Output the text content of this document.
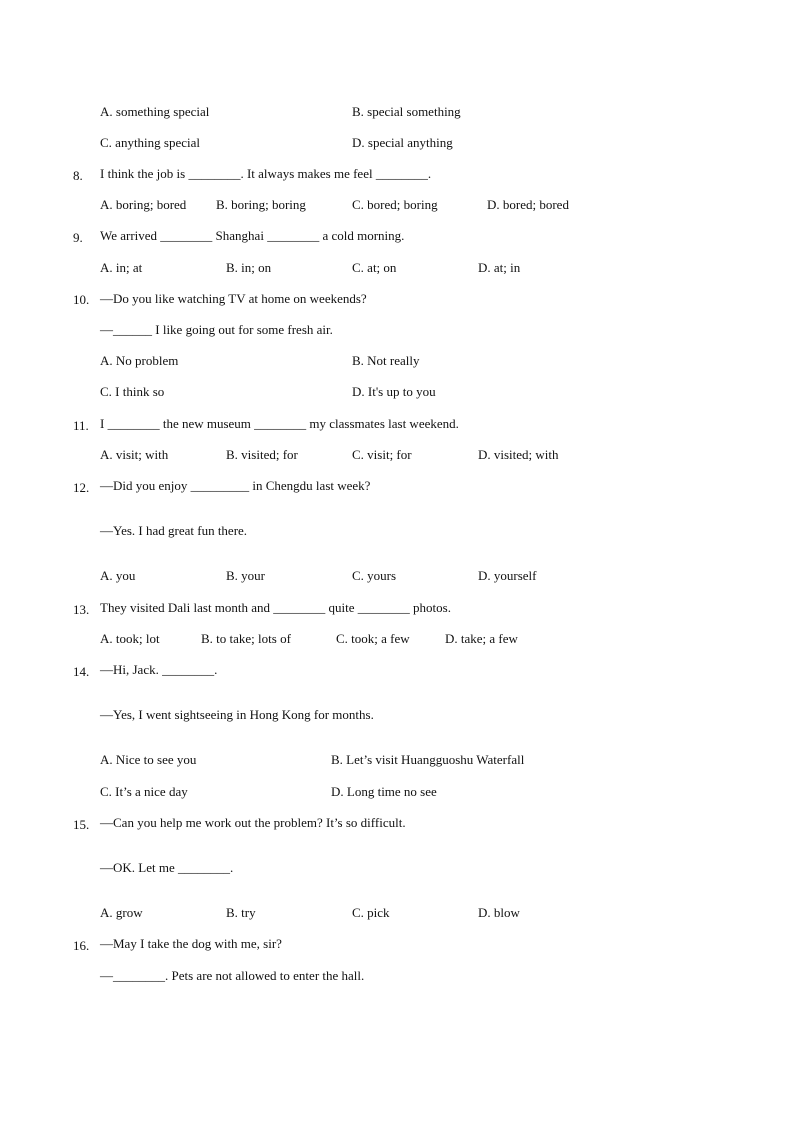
A. something special	B. special something
C. anything special	D. special anything
8. I think the job is ________. It always makes me feel ________.
A. boring; bored B. boring; boring	C. bored; boring	D. bored; bored
9. We arrived ________ Shanghai ________ a cold morning.
A. in; at	B. in; on	C. at; on	D. at; in
10. —Do you like watching TV at home on weekends?
—______ I like going out for some fresh air.
A. No problem	B. Not really
C. I think so	D. It's up to you
11. I ________ the new museum ________ my classmates last weekend.
A. visit; with	B. visited; for	C. visit; for	D. visited; with
12. —Did you enjoy _________ in Chengdu last week?
—Yes. I had great fun there.
A. you	B. your	C. yours	D. yourself
13. They visited Dali last month and ________ quite ________ photos.
A. took; lot	B. to take; lots of	C. took; a few	D. take; a few
14. —Hi, Jack. ________.
—Yes, I went sightseeing in Hong Kong for months.
A. Nice to see you	B. Let’s visit Huangguoshu Waterfall
C. It’s a nice day	D. Long time no see
15. —Can you help me work out the problem? It’s so difficult.
—OK. Let me ________.
A. grow	B. try	C. pick	D. blow
16. —May I take the dog with me, sir?
—________. Pets are not allowed to enter the hall.
